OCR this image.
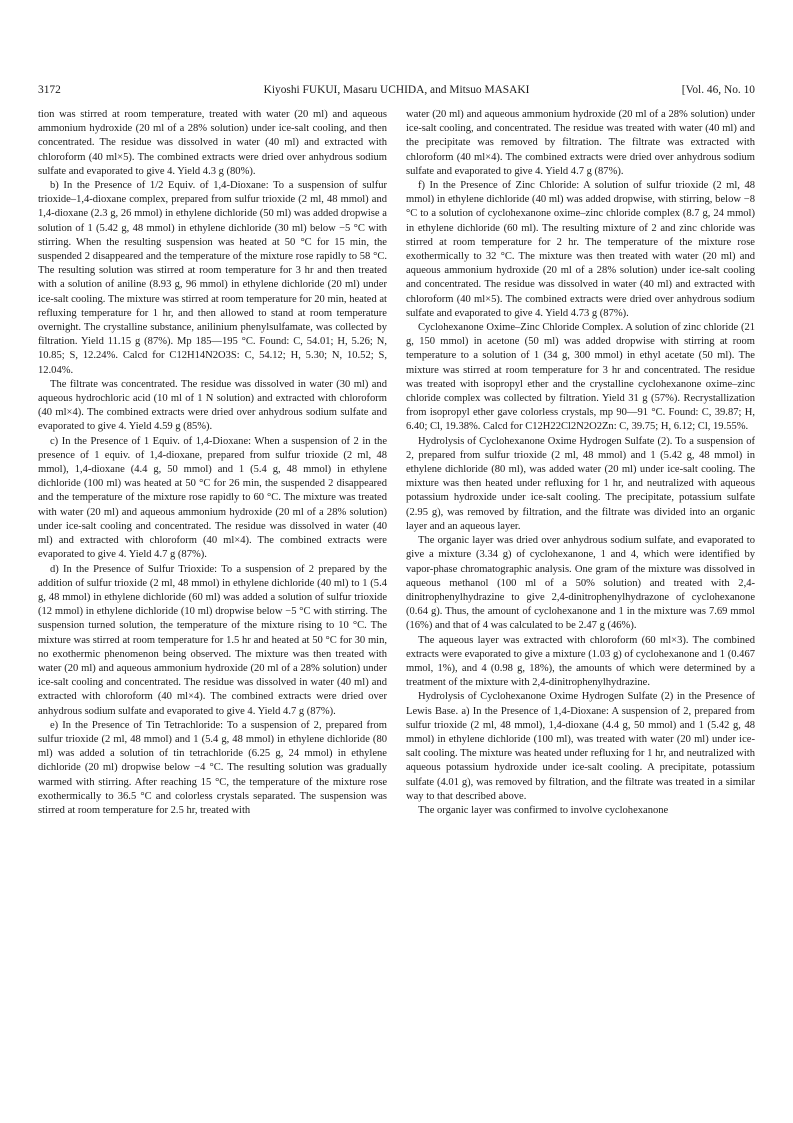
3172	Kiyoshi FUKUI, Masaru UCHIDA, and Mitsuo MASAKI	[Vol. 46, No. 10

tion was stirred at room temperature, treated with water (20 ml) and aqueous ammonium hydroxide (20 ml of a 28% solution) under ice-salt cooling, and then concentrated. The residue was dissolved in water (40 ml) and extracted with chloroform (40 ml×5). The combined extracts were dried over anhydrous sodium sulfate and evaporated to give 4. Yield 4.3 g (80%).

b) In the Presence of 1/2 Equiv. of 1,4-Dioxane: To a suspension of sulfur trioxide–1,4-dioxane complex, prepared from sulfur trioxide (2 ml, 48 mmol) and 1,4-dioxane (2.3 g, 26 mmol) in ethylene dichloride (50 ml) was added dropwise a solution of 1 (5.42 g, 48 mmol) in ethylene dichloride (30 ml) below −5 °C with stirring. When the resulting suspension was heated at 50 °C for 15 min, the suspended 2 disappeared and the temperature of the mixture rose rapidly to 58 °C. The resulting solution was stirred at room temperature for 3 hr and then treated with a solution of aniline (8.93 g, 96 mmol) in ethylene dichloride (20 ml) under ice-salt cooling. The mixture was stirred at room temperature for 20 min, heated at refluxing temperature for 1 hr, and then allowed to stand at room temperature overnight. The crystalline substance, anilinium phenylsulfamate, was collected by filtration. Yield 11.15 g (87%). Mp 185—195 °C. Found: C, 54.01; H, 5.26; N, 10.85; S, 12.24%. Calcd for C12H14N2O3S: C, 54.12; H, 5.30; N, 10.52; S, 12.04%.

The filtrate was concentrated. The residue was dissolved in water (30 ml) and aqueous hydrochloric acid (10 ml of 1 N solution) and extracted with chloroform (40 ml×4). The combined extracts were dried over anhydrous sodium sulfate and evaporated to give 4. Yield 4.59 g (85%).

c) In the Presence of 1 Equiv. of 1,4-Dioxane: When a suspension of 2 in the presence of 1 equiv. of 1,4-dioxane, prepared from sulfur trioxide (2 ml, 48 mmol), 1,4-dioxane (4.4 g, 50 mmol) and 1 (5.4 g, 48 mmol) in ethylene dichloride (100 ml) was heated at 50 °C for 26 min, the suspended 2 disappeared and the temperature of the mixture rose rapidly to 60 °C. The mixture was treated with water (20 ml) and aqueous ammonium hydroxide (20 ml of a 28% solution) under ice-salt cooling and concentrated. The residue was dissolved in water (40 ml) and extracted with chloroform (40 ml×4). The combined extracts were evaporated to give 4. Yield 4.7 g (87%).

d) In the Presence of Sulfur Trioxide: To a suspension of 2 prepared by the addition of sulfur trioxide (2 ml, 48 mmol) in ethylene dichloride (40 ml) to 1 (5.4 g, 48 mmol) in ethylene dichloride (60 ml) was added a solution of sulfur trioxide (12 mmol) in ethylene dichloride (10 ml) dropwise below −5 °C with stirring. The suspension turned solution, the temperature of the mixture rising to 10 °C. The mixture was stirred at room temperature for 1.5 hr and heated at 50 °C for 30 min, no exothermic phenomenon being observed. The mixture was then treated with water (20 ml) and aqueous ammonium hydroxide (20 ml of a 28% solution) under ice-salt cooling and concentrated. The residue was dissolved in water (40 ml) and extracted with chloroform (40 ml×4). The combined extracts were dried over anhydrous sodium sulfate and evaporated to give 4. Yield 4.7 g (87%).

e) In the Presence of Tin Tetrachloride: To a suspension of 2, prepared from sulfur trioxide (2 ml, 48 mmol) and 1 (5.4 g, 48 mmol) in ethylene dichloride (80 ml) was added a solution of tin tetrachloride (6.25 g, 24 mmol) in ethylene dichloride (20 ml) dropwise below −4 °C. The resulting solution was gradually warmed with stirring. After reaching 15 °C, the temperature of the mixture rose exothermically to 36.5 °C and colorless crystals separated. The suspension was stirred at room temperature for 2.5 hr, treated with

water (20 ml) and aqueous ammonium hydroxide (20 ml of a 28% solution) under ice-salt cooling, and concentrated. The residue was treated with water (40 ml) and the precipitate was removed by filtration. The filtrate was extracted with chloroform (40 ml×4). The combined extracts were dried over anhydrous sodium sulfate and evaporated to give 4. Yield 4.7 g (87%).

f) In the Presence of Zinc Chloride: A solution of sulfur trioxide (2 ml, 48 mmol) in ethylene dichloride (40 ml) was added dropwise, with stirring, below −8 °C to a solution of cyclohexanone oxime–zinc chloride complex (8.7 g, 24 mmol) in ethylene dichloride (60 ml). The resulting mixture of 2 and zinc chloride was stirred at room temperature for 2 hr. The temperature of the mixture rose exothermically to 32 °C. The mixture was then treated with water (20 ml) and aqueous ammonium hydroxide (20 ml of a 28% solution) under ice-salt cooling and concentrated. The residue was dissolved in water (40 ml) and extracted with chloroform (40 ml×5). The combined extracts were dried over anhydrous sodium sulfate and evaporated to give 4. Yield 4.73 g (87%).

Cyclohexanone Oxime–Zinc Chloride Complex. A solution of zinc chloride (21 g, 150 mmol) in acetone (50 ml) was added dropwise with stirring at room temperature to a solution of 1 (34 g, 300 mmol) in ethyl acetate (50 ml). The mixture was stirred at room temperature for 3 hr and concentrated. The residue was treated with isopropyl ether and the crystalline cyclohexanone oxime–zinc chloride complex was collected by filtration. Yield 31 g (57%). Recrystallization from isopropyl ether gave colorless crystals, mp 90—91 °C. Found: C, 39.87; H, 6.40; Cl, 19.38%. Calcd for C12H22Cl2N2O2Zn: C, 39.75; H, 6.12; Cl, 19.55%.

Hydrolysis of Cyclohexanone Oxime Hydrogen Sulfate (2). To a suspension of 2, prepared from sulfur trioxide (2 ml, 48 mmol) and 1 (5.42 g, 48 mmol) in ethylene dichloride (80 ml), was added water (20 ml) under ice-salt cooling. The mixture was then heated under refluxing for 1 hr, and neutralized with aqueous potassium hydroxide under ice-salt cooling. The precipitate, potassium sulfate (2.95 g), was removed by filtration, and the filtrate was divided into an organic layer and an aqueous layer.

The organic layer was dried over anhydrous sodium sulfate, and evaporated to give a mixture (3.34 g) of cyclohexanone, 1 and 4, which were identified by vapor-phase chromatographic analysis. One gram of the mixture was dissolved in aqueous methanol (100 ml of a 50% solution) and treated with 2,4-dinitrophenylhydrazine to give 2,4-dinitrophenylhydrazone of cyclohexanone (0.64 g). Thus, the amount of cyclohexanone and 1 in the mixture was 7.69 mmol (16%) and that of 4 was calculated to be 2.47 g (46%).

The aqueous layer was extracted with chloroform (60 ml×3). The combined extracts were evaporated to give a mixture (1.03 g) of cyclohexanone and 1 (0.467 mmol, 1%), and 4 (0.98 g, 18%), the amounts of which were determined by a treatment of the mixture with 2,4-dinitrophenylhydrazine.

Hydrolysis of Cyclohexanone Oxime Hydrogen Sulfate (2) in the Presence of Lewis Base. a) In the Presence of 1,4-Dioxane: A suspension of 2, prepared from sulfur trioxide (2 ml, 48 mmol), 1,4-dioxane (4.4 g, 50 mmol) and 1 (5.42 g, 48 mmol) in ethylene dichloride (100 ml), was treated with water (20 ml) under ice-salt cooling. The mixture was heated under refluxing for 1 hr, and neutralized with aqueous potassium hydroxide under ice-salt cooling. A precipitate, potassium sulfate (4.01 g), was removed by filtration, and the filtrate was treated in a similar way to that described above.

The organic layer was confirmed to involve cyclohexanone
